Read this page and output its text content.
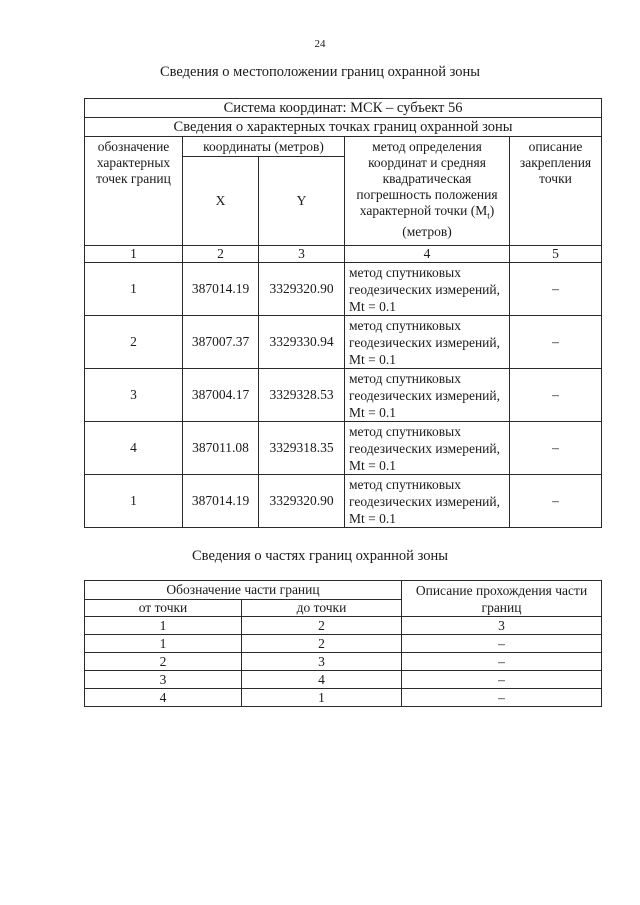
24
Сведения о местоположении границ охранной зоны
Система координат: МСК – субъект 56				
Сведения о характерных точках границ охранной зоны				
обозначение характерных точек границ	координаты (метров)		метод определения координат и средняя квадратическая погрешность положения характерной точки $(M_t)$ (метров)	описание закрепления точки
	X	Y		
1	2	3	4	5
1	387014.19	3329320.90	метод спутниковых геодезических измерений, Mt = 0.1	–
2	387007.37	3329330.94	метод спутниковых геодезических измерений, Mt = 0.1	–
3	387004.17	3329328.53	метод спутниковых геодезических измерений, Mt = 0.1	–
4	387011.08	3329318.35	метод спутниковых геодезических измерений, Mt = 0.1	–
1	387014.19	3329320.90	метод спутниковых геодезических измерений, Mt = 0.1	–
Сведения о частях границ охранной зоны
Обозначение части границ		Описание прохождения части границ
от точки	до точки	
1	2	3
1	2	–
2	3	–
3	4	–
4	1	–
